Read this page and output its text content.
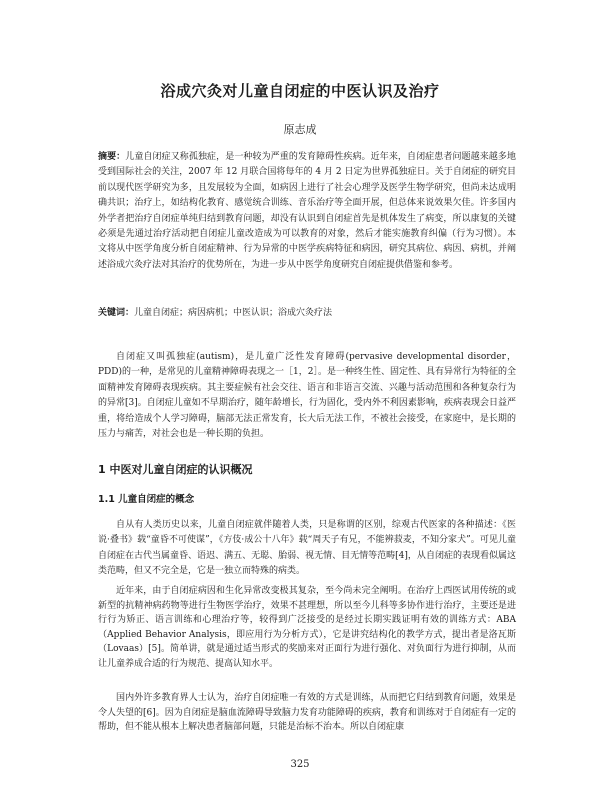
浴成穴灸对儿童自闭症的中医认识及治疗
原志成
摘要：儿童自闭症又称孤独症，是一种较为严重的发育障碍性疾病。近年来，自闭症患者问题越来越多地受到国际社会的关注，2007 年 12 月联合国将每年的 4 月 2 日定为世界孤独症日。关于自闭症的研究目前以现代医学研究为多，且发展较为全面，如病因上进行了社会心理学及医学生物学研究，但尚未达成明确共识；治疗上，如结构化教育、感觉统合训练、音乐治疗等全面开展，但总体来说效果欠佳。许多国内外学者把治疗自闭症单纯归结到教育问题，却没有认识到自闭症首先是机体发生了病变，所以康复的关键必须是先通过治疗活动把自闭症儿童改造成为可以教育的对象，然后才能实施教育纠偏（行为习惯）。本文将从中医学角度分析自闭症精神、行为异常的中医学疾病特征和病因，研究其病位、病因、病机，并阐述浴成穴灸疗法对其治疗的优势所在，为进一步从中医学角度研究自闭症提供借鉴和参考。
关键词：儿童自闭症；病因病机；中医认识；浴成穴灸疗法
自闭症又叫孤独症(autism)，是儿童广泛性发育障碍(pervasive developmental disorder，PDD)的一种，是常见的儿童精神障碍表现之一［1，2］。是一种终生性、固定性、具有异常行为特征的全面精神发育障碍表现疾病。其主要症候有社会交往、语言和非语言交流、兴趣与活动范围和各种复杂行为的异常[3]。自闭症儿童如不早期治疗，随年龄增长，行为固化，受内外不利因素影响，疾病表现会日益严重，将给造成个人学习障碍，脑部无法正常发育，长大后无法工作，不被社会接受，在家庭中，是长期的压力与痛苦，对社会也是一种长期的负担。
1 中医对儿童自闭症的认识概况
1.1 儿童自闭症的概念
自从有人类历史以来，儿童自闭症就伴随着人类，只是称谓的区别，综观古代医家的各种描述：《医说·叠书》载“童昏不可使谋”，《方伎·成公十八年》载“周天子有兄，不能辨菽麦，不知分家犬”。可见儿童自闭症在古代当属童昏、语迟、满五、无聪、胎弱、视无情、目无情等范畴[4]，从自闭症的表现看似属这类范畴，但又不完全是，它是一独立而特殊的病类。
近年来，由于自闭症病因和生化异常改变极其复杂，至今尚未完全阐明。在治疗上西医试用传统的或新型的抗精神病药物等进行生物医学治疗，效果不甚理想，所以至今儿科等多协作进行治疗，主要还是进行行为矫正、语言训练和心理治疗等，较得到广泛接受的是经过长期实践证明有效的训练方式：ABA（Applied Behavior Analysis，即应用行为分析方式），它是讲究结构化的教学方式，提出者是洛瓦斯（Lovaas）[5]。简单讲，就是通过适当形式的奖励来对正面行为进行强化、对负面行为进行抑制，从而让儿童养成合适的行为规范、提高认知水平。
国内外许多教育界人士认为，治疗自闭症唯一有效的方式是训练，从而把它归结到教育问题，效果是令人失望的[6]。因为自闭症是脑血流障碍导致脑力发育功能障碍的疾病，教育和训练对于自闭症有一定的帮助，但不能从根本上解决患者脑部问题，只能是治标不治本。所以自闭症康
325
